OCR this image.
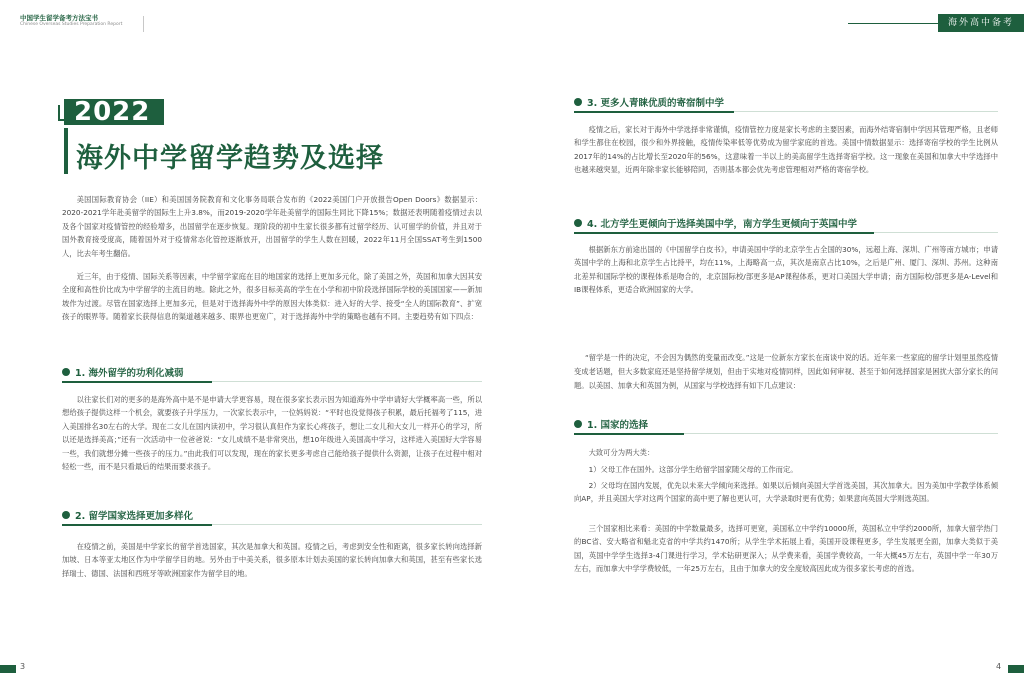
中国学生留学备考方法宝书
Chinese Overseas Studies Preparation Report
2022
海外中学留学趋势及选择

美国国际教育协会（IIE）和美国国务院教育和文化事务局联合发布的《2022美国门户开放报告Open Doors》数据显示：2020-2021学年赴美留学的国际生上升3.8%，而2019-2020学年赴美留学的国际生同比下降15%；数据还表明随着疫情过去以及各个国家对疫情管控的经验增多，出国留学在逐步恢复。现阶段的初中生家长很多都有过留学经历、认可留学的价值，并且对于国外教育接受度高，随着国外对于疫情常态化管控逐渐放开，出国留学的学生人数在回暖，2022年11月全国SSAT考生到1500人，比去年考生翻倍。

近三年，由于疫情、国际关系等因素，中学留学家庭在目的地国家的选择上更加多元化，除了美国之外，英国和加拿大因其安全度和高性价比成为中学留学的主流目的地。除此之外，很多目标美高的学生在小学和初中阶段选择国际学校的美国国家——新加坡作为过渡。尽管在国家选择上更加多元，但是对于选择海外中学的原因大体类似：进入好的大学、接受“全人的国际教育”、扩宽孩子的眼界等。随着家长获得信息的渠道越来越多、眼界也更宽广，对于选择海外中学的策略也越有不同。主要趋势有如下四点：

1. 海外留学的功利化减弱

以往家长们对的更多的是海外高中是不是申请大学更容易，现在很多家长表示因为知道海外中学申请好大学概率高一些，所以想给孩子提供这样一个机会，就要孩子升学压力，一次家长表示中，一位妈妈说：“平时也没觉得孩子积累，最后托福考了115，进入美国排名30左右的大学。现在二女儿在国内读初中，学习很认真但作为家长心疼孩子，想让二女儿和大女儿一样开心的学习，所以还是选择美高；”还有一次活动中一位爸爸说：“女儿成绩不是非常突出，想10年级进入美国高中学习，这样进入美国好大学容易一些，我们就想分摊一些孩子的压力。”由此我们可以发现，现在的家长更多考虑自己能给孩子提供什么资源，让孩子在过程中相对轻松一些，而不是只看最后的结果而要求孩子。

2. 留学国家选择更加多样化

在疫情之前，美国是中学家长的留学首选国家，其次是加拿大和英国。疫情之后，考虑到安全性和距离，很多家长转向选择新加坡、日本等亚太地区作为中学留学目的地。另外由于中美关系，很多原本计划去美国的家长转向加拿大和英国，甚至有些家长选择瑞士、德国、法国和西班牙等欧洲国家作为留学目的地。

3
海外高中备考
3. 更多人青睐优质的寄宿制中学

疫情之后，家长对于海外中学选择非常谨慎，疫情管控力度是家长考虑的主要因素，而海外结寄宿制中学因其管理严格，且老师和学生都住在校园，很少和外界接触，疫情传染率低等优势成为留学家庭的首选。美国中情数据显示：选择寄宿学校的学生比例从2017年的14%的占比增长至2020年的56%，这意味着一半以上的美高留学生选择寄宿学校。这一现象在美国和加拿大中学选择中也越来越突显，近两年除非家长能够陪同，否则基本都会优先考虑管理相对严格的寄宿学校。

4. 北方学生更倾向于选择美国中学，南方学生更倾向于英国中学

根据新东方前途出国的《中国留学白皮书》，申请美国中学的北京学生占全国的30%，远超上海、深圳、广州等南方城市；申请英国中学的上海和北京学生占比持平，均在11%，上海略高一点，其次是南京占比10%，之后是广州、厦门、深圳、苏州。这种南北差异和国际学校的课程体系是吻合的，北京国际校/部更多是AP课程体系，更对口美国大学申请；南方国际校/部更多是A-Level和IB课程体系，更适合欧洲国家的大学。

“留学是一件的决定，不会因为偶然的变量而改变。”这是一位新东方家长在南谈中说的话。近年来一些家庭的留学计划里虽然疫情变成老话题，但大多数家庭还是坚持留学规划，但由于实地对疫情同样，因此如何审视、甚至于如何选择国家是困扰大部分家长的问题。以美国、加拿大和英国为例，从国家与学校选择有如下几点建议：

1. 国家的选择

大致可分为两大类：

1）父母工作在国外。这部分学生给留学国家随父母的工作而定。

2）父母均在国内发展，优先以未来大学倾向来选择。如果以后倾向美国大学首选美国，其次加拿大。因为美加中学教学体系倾向AP，并且美国大学对这两个国家的高中更了解也更认可，大学录取时更有优势；如果意向英国大学则选英国。

三个国家相比来看：美国的中学数量最多，选择可更宽，美国私立中学约10000所，英国私立中学约2000所，加拿大留学热门的BC省、安大略省和魁北克省的中学共约1470所；从学生学术拓展上看，美国开设课程更多，学生发展更全面，加拿大类似于美国，英国中学学生选择3-4门课进行学习，学术钻研更深入；从学费来看，美国学费较高，一年大概45万左右，英国中学一年30万左右，而加拿大中学学费较低，一年25万左右，且由于加拿大的安全度较高因此成为很多家长考虑的首选。

4
